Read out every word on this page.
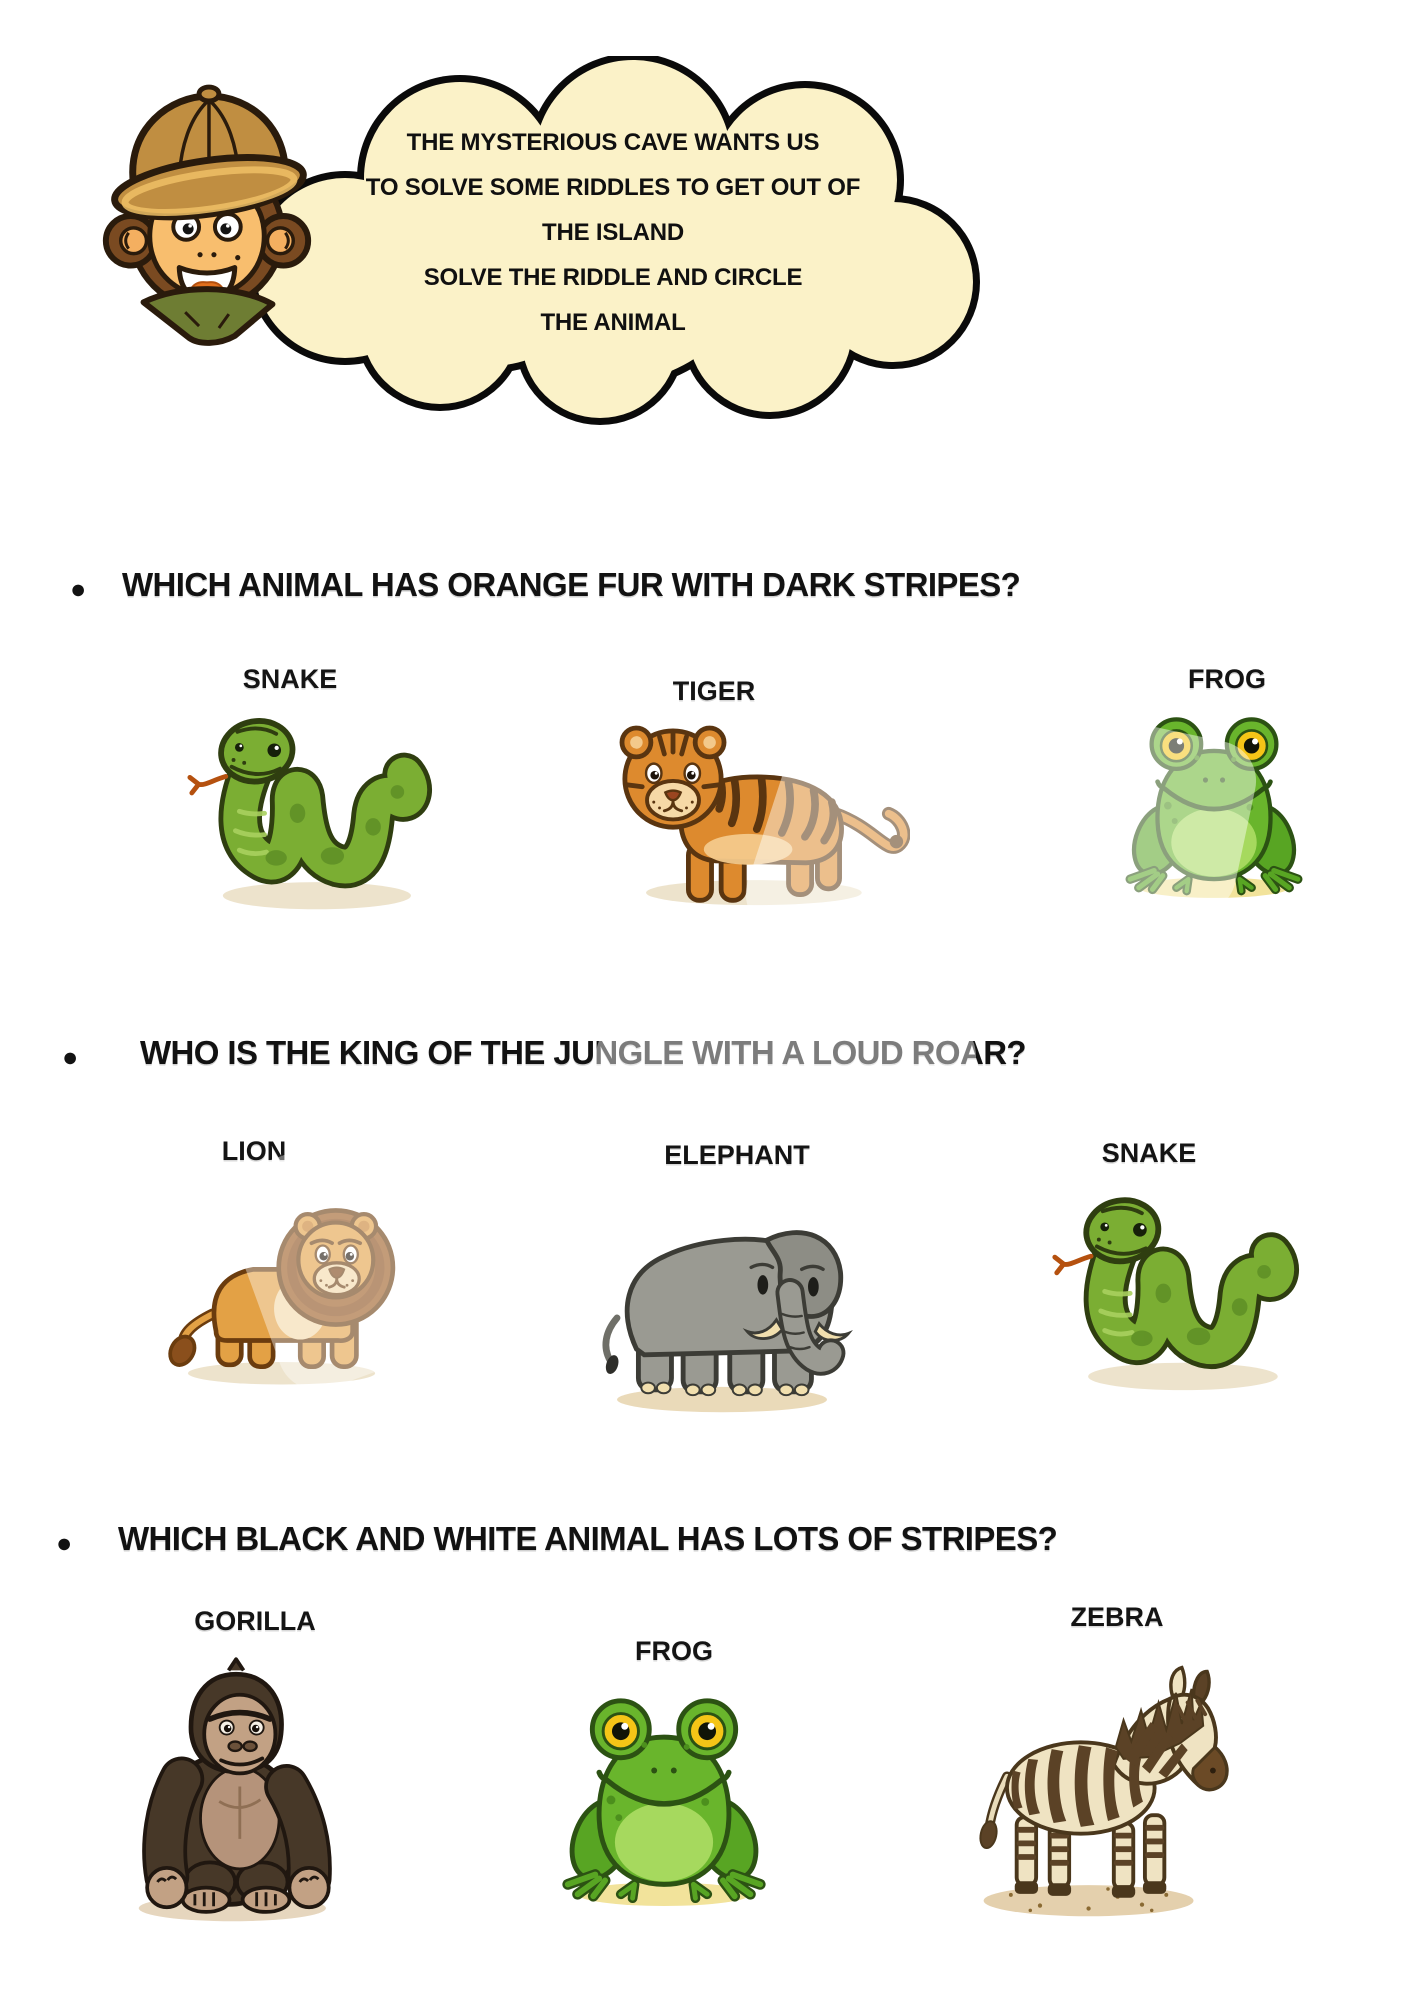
THE MYSTERIOUS CAVE WANTS US
TO SOLVE SOME RIDDLES TO GET OUT OF
THE ISLAND
SOLVE THE RIDDLE AND CIRCLE
THE ANIMAL
● WHICH ANIMAL HAS ORANGE FUR WITH DARK STRIPES?
SNAKE	TIGER	FROG
● WHO IS THE KING OF THE JUNGLE WITH A LOUD ROAR?
LION	ELEPHANT	SNAKE
● WHICH BLACK AND WHITE ANIMAL HAS LOTS OF STRIPES?
GORILLA
FROG
ZEBRA
